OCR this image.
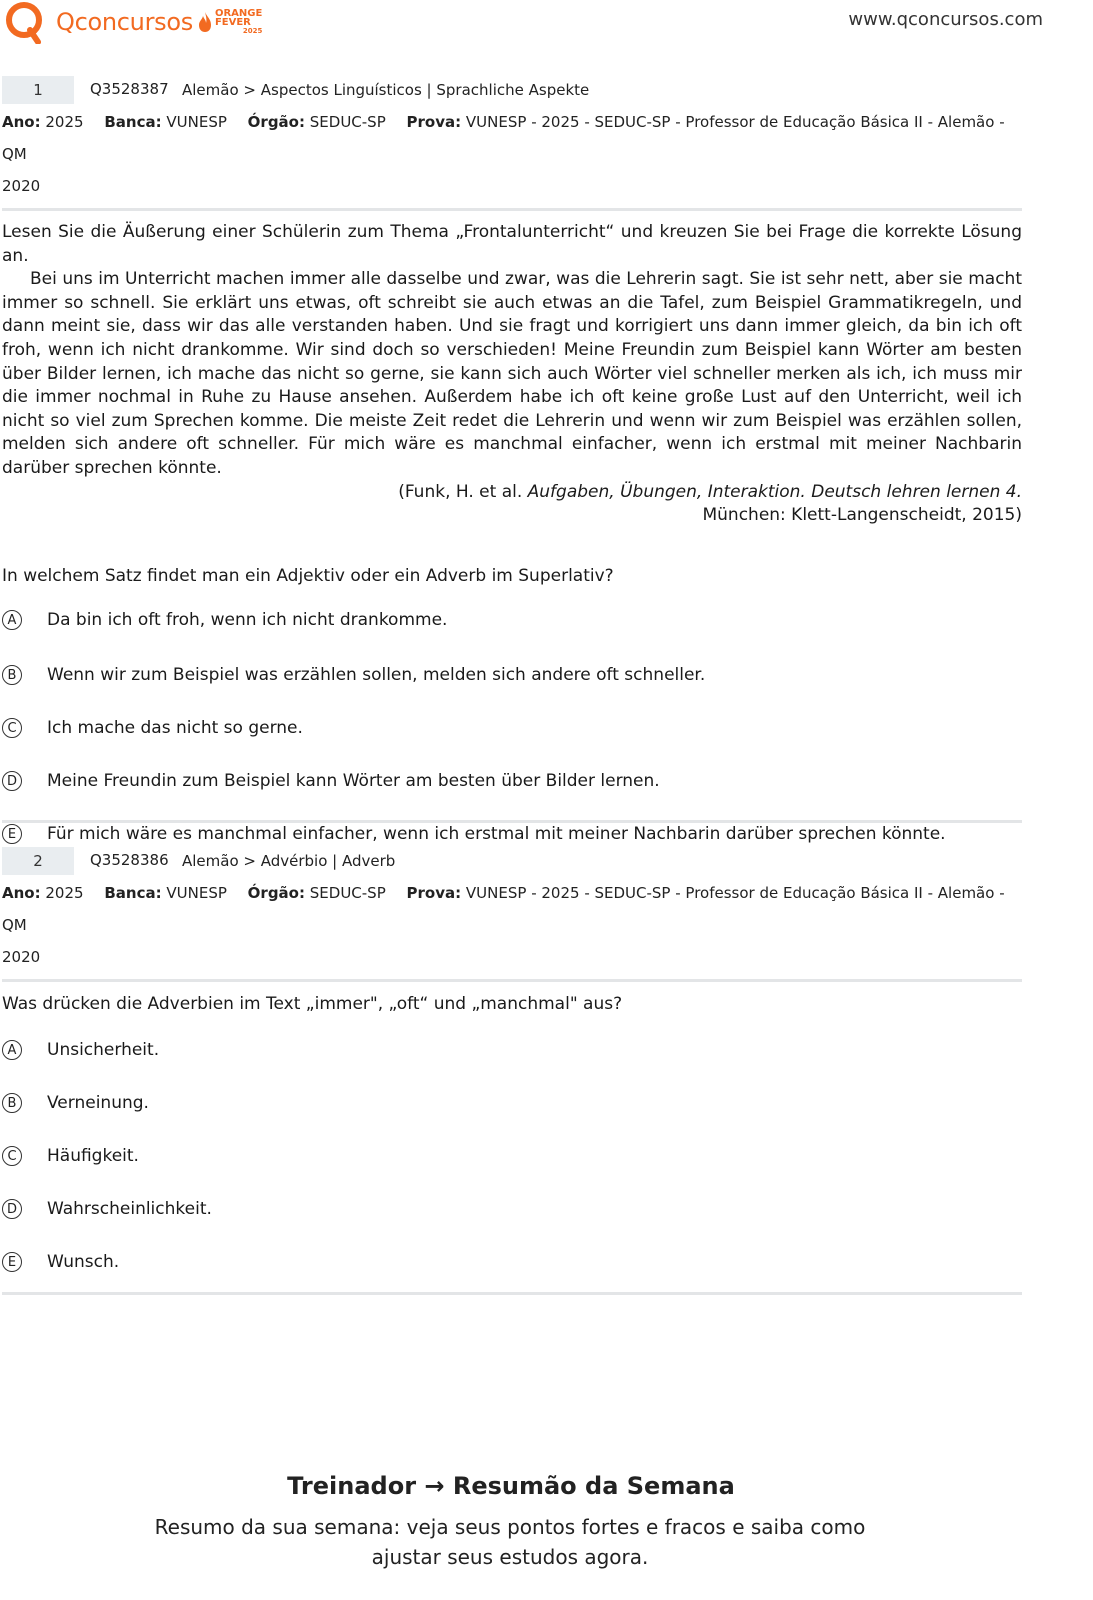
Qconcursos ORANGE
FEVER
2025
www.qconcursos.com
1	Q3528387 Alemão > Aspectos Linguísticos | Sprachliche Aspekte
Ano: 2025 Banca: VUNESP Órgão: SEDUC-SP Prova: VUNESP - 2025 - SEDUC-SP - Professor de Educação Básica II - Alemão - QM
2020

Lesen Sie die Äußerung einer Schülerin zum Thema „Frontalunterricht“ und kreuzen Sie bei Frage die korrekte Lösung an.

Bei uns im Unterricht machen immer alle dasselbe und zwar, was die Lehrerin sagt. Sie ist sehr nett, aber sie macht immer so schnell. Sie erklärt uns etwas, oft schreibt sie auch etwas an die Tafel, zum Beispiel Grammatikregeln, und dann meint sie, dass wir das alle verstanden haben. Und sie fragt und korrigiert uns dann immer gleich, da bin ich oft froh, wenn ich nicht drankomme. Wir sind doch so verschieden! Meine Freundin zum Beispiel kann Wörter am besten über Bilder lernen, ich mache das nicht so gerne, sie kann sich auch Wörter viel schneller merken als ich, ich muss mir die immer nochmal in Ruhe zu Hause ansehen. Außerdem habe ich oft keine große Lust auf den Unterricht, weil ich nicht so viel zum Sprechen komme. Die meiste Zeit redet die Lehrerin und wenn wir zum Beispiel was erzählen sollen, melden sich andere oft schneller. Für mich wäre es manchmal einfacher, wenn ich erstmal mit meiner Nachbarin darüber sprechen könnte.

(Funk, H. et al. Aufgaben, Übungen, Interaktion. Deutsch lehren lernen 4.

München: Klett-Langenscheidt, 2015)

In welchem Satz findet man ein Adjektiv oder ein Adverb im Superlativ?
A	Da bin ich oft froh, wenn ich nicht drankomme.
B	Wenn wir zum Beispiel was erzählen sollen, melden sich andere oft schneller.
C	Ich mache das nicht so gerne.
D Meine Freundin zum Beispiel kann Wörter am besten über Bilder lernen.
E	Für mich wäre es manchmal einfacher, wenn ich erstmal mit meiner Nachbarin darüber sprechen könnte.
2	Q3528386 Alemão > Advérbio | Adverb
Ano: 2025 Banca: VUNESP Órgão: SEDUC-SP Prova: VUNESP - 2025 - SEDUC-SP - Professor de Educação Básica II - Alemão - QM
2020
Was drücken die Adverbien im Text „immer", „oft“ und „manchmal" aus?
A	Unsicherheit.
B	Verneinung.
C	Häufigkeit.
D Wahrscheinlichkeit.
E	Wunsch.
Treinador → Resumão da Semana
Resumo da sua semana: veja seus pontos fortes e fracos e saiba como ajustar seus estudos agora.
